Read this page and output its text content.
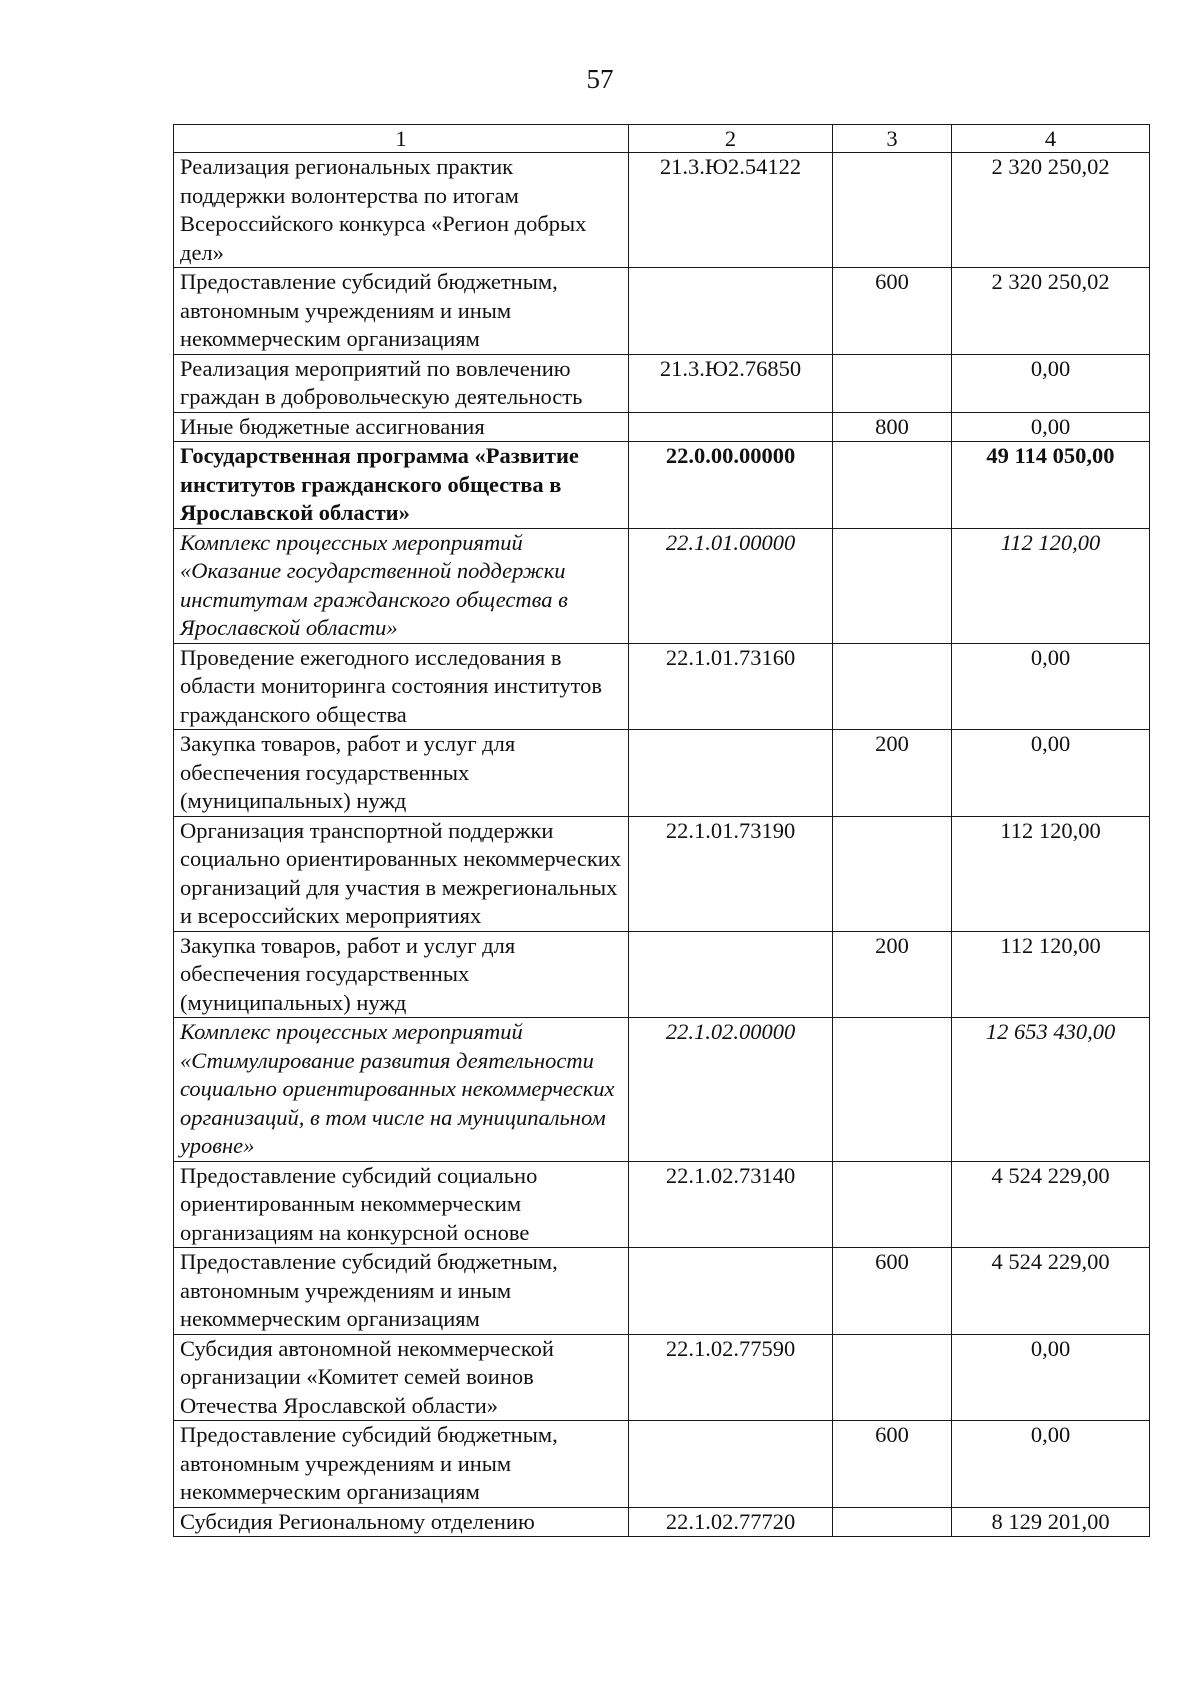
57
1	2	3	4
Реализация региональных практик поддержки волонтерства по итогам Всероссийского конкурса «Регион добрых дел»	21.3.Ю2.54122		2 320 250,02
Предоставление субсидий бюджетным, автономным учреждениям и иным некоммерческим организациям		600	2 320 250,02
Реализация мероприятий по вовлечению граждан в добровольческую деятельность	21.3.Ю2.76850		0,00
Иные бюджетные ассигнования		800	0,00
Государственная программа «Развитие институтов гражданского общества в Ярославской области»	22.0.00.00000		49 114 050,00
Комплекс процессных мероприятий «Оказание государственной поддержки институтам гражданского общества в Ярославской области»	22.1.01.00000		112 120,00
Проведение ежегодного исследования в области мониторинга состояния институтов гражданского общества	22.1.01.73160		0,00
Закупка товаров, работ и услуг для обеспечения государственных (муниципальных) нужд		200	0,00
Организация транспортной поддержки социально ориентированных некоммерческих организаций для участия в межрегиональных и всероссийских мероприятиях	22.1.01.73190		112 120,00
Закупка товаров, работ и услуг для обеспечения государственных (муниципальных) нужд		200	112 120,00
Комплекс процессных мероприятий «Стимулирование развития деятельности социально ориентированных некоммерческих организаций, в том числе на муниципальном уровне»	22.1.02.00000		12 653 430,00
Предоставление субсидий социально ориентированным некоммерческим организациям на конкурсной основе	22.1.02.73140		4 524 229,00
Предоставление субсидий бюджетным, автономным учреждениям и иным некоммерческим организациям		600	4 524 229,00
Субсидия автономной некоммерческой организации «Комитет семей воинов Отечества Ярославской области»	22.1.02.77590		0,00
Предоставление субсидий бюджетным, автономным учреждениям и иным некоммерческим организациям		600	0,00
Субсидия Региональному отделению	22.1.02.77720		8 129 201,00
